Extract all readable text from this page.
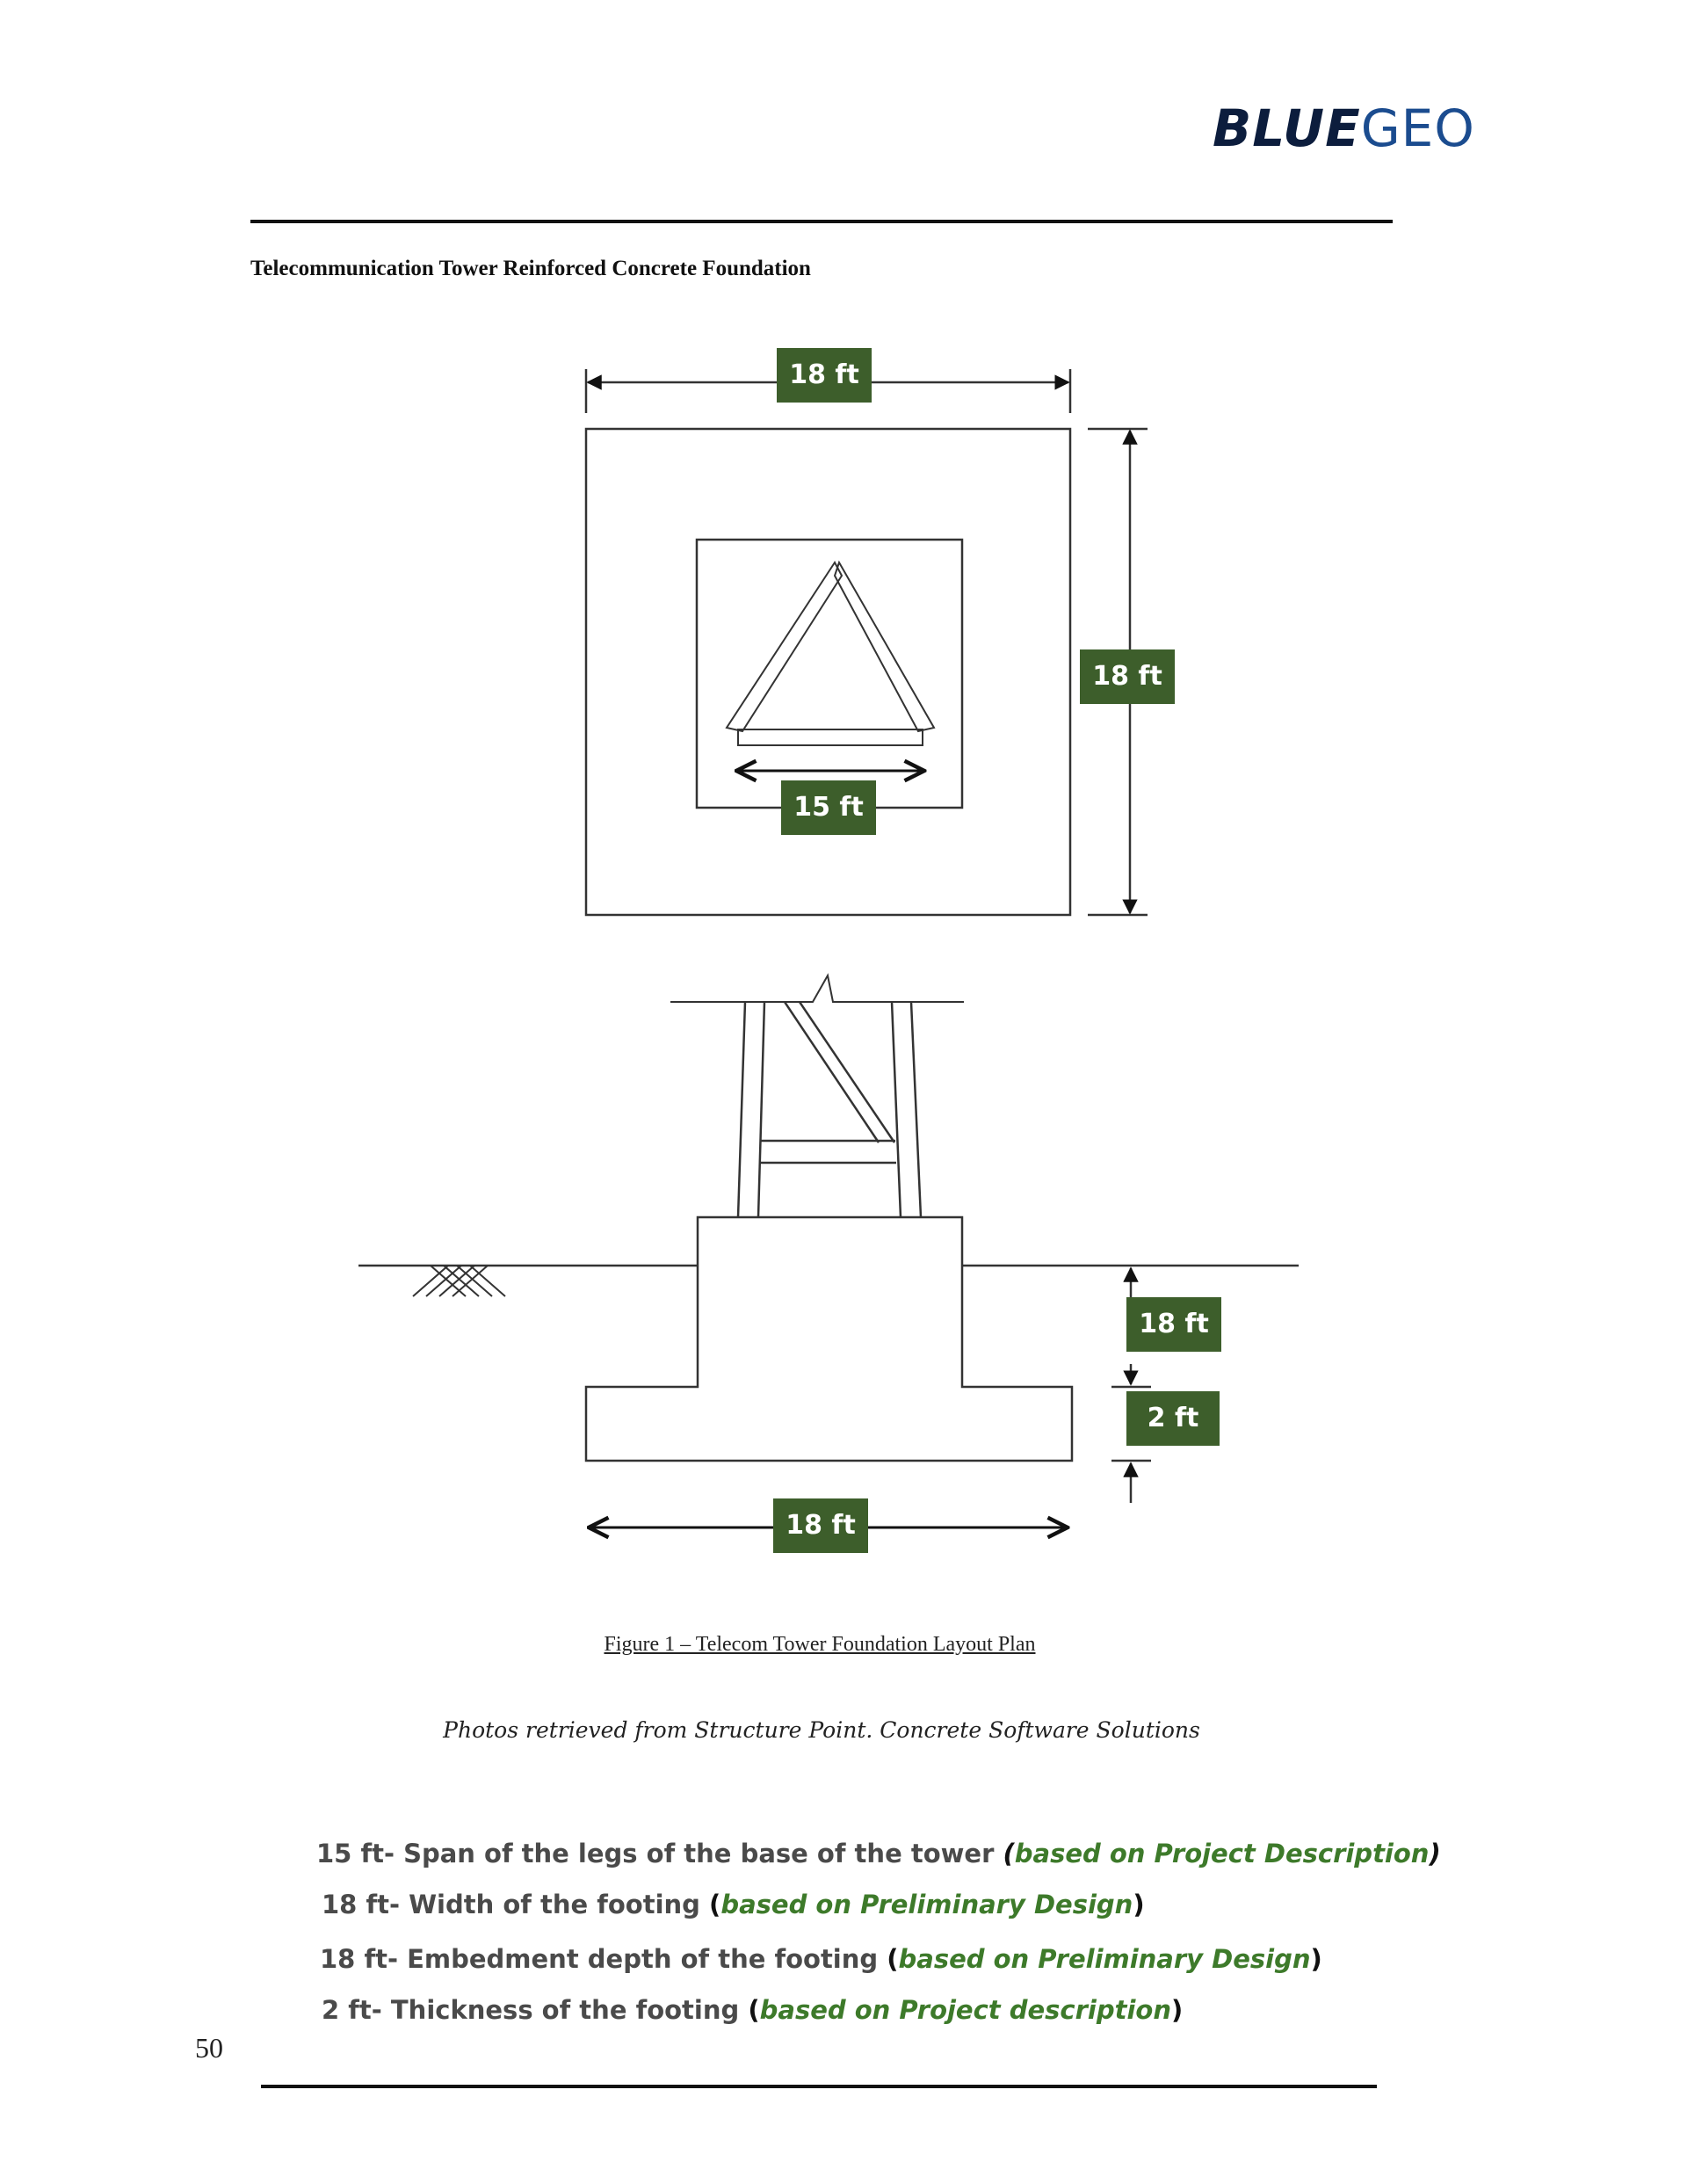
BLUEGEO
Telecommunication Tower Reinforced Concrete Foundation
18 ft
18 ft
15 ft
18 ft
2 ft
18 ft
Figure 1 – Telecom Tower Foundation Layout Plan
Photos retrieved from Structure Point. Concrete Software Solutions
15 ft- Span of the legs of the base of the tower (based on Project Description)
18 ft- Width of the footing (based on Preliminary Design)
18 ft- Embedment depth of the footing (based on Preliminary Design)
2 ft- Thickness of the footing (based on Project description)
50
